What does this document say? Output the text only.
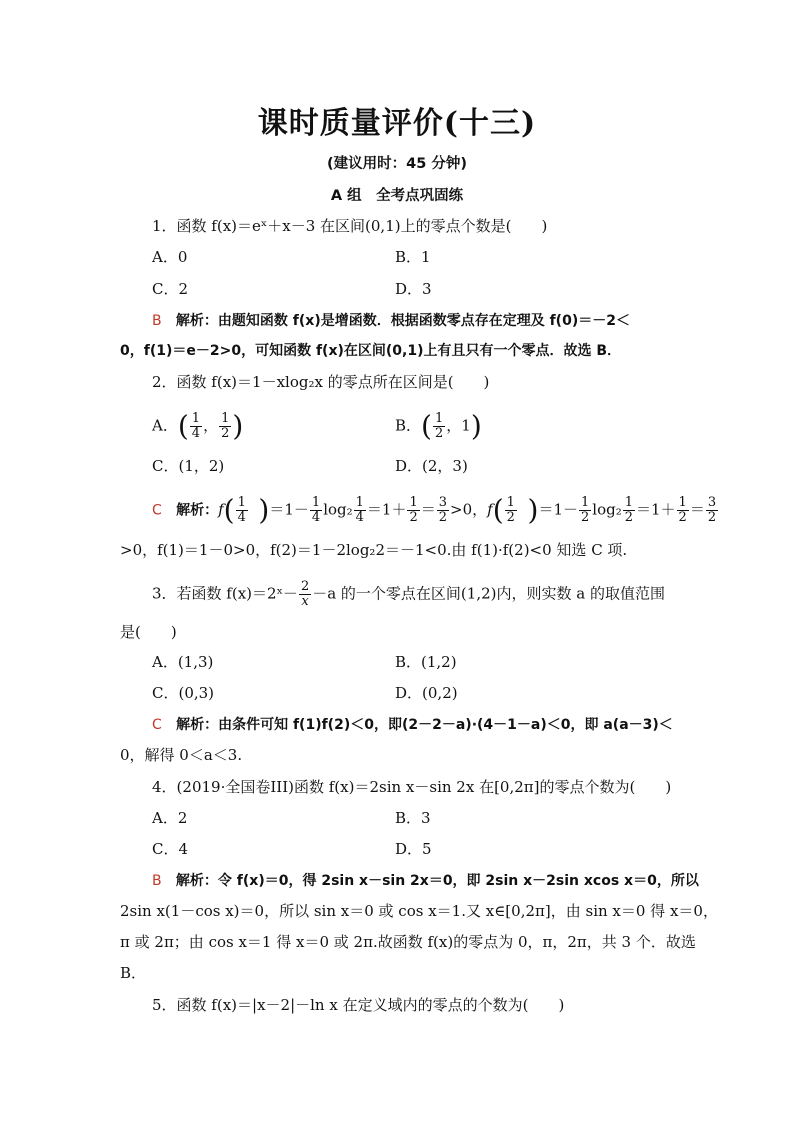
课时质量评价(十三)
(建议用时：45 分钟)
A 组　全考点巩固练
1．函数 f(x)＝eˣ＋x－3 在区间(0,1)上的零点个数是(　　)
A．0	B．1
C．2	D．3
B 解析：由题知函数 f(x)是增函数．根据函数零点存在定理及 f(0)＝－2＜
0，f(1)＝e－2>0，可知函数 f(x)在区间(0,1)上有且只有一个零点．故选 B．
2．函数 f(x)＝1－xlog₂x 的零点所在区间是(　　)
A．( $\frac{1}{4}$ ， $\frac{1}{2}$ )	B．( $\frac{1}{2}$ ，1)
C．(1，2)	D．(2，3)
C 解析：$f( \frac{1}{4} )=1- \frac{1}{4} \log_2 \frac{1}{4} =1+ \frac{1}{2} = \frac{3}{2} >0$，$f( \frac{1}{2} )=1- \frac{1}{2} \log_2 \frac{1}{2} =1+ \frac{1}{2} = \frac{3}{2}$
>0，f(1)＝1－0>0，f(2)＝1－2log₂2＝－1<0.由 f(1)·f(2)<0 知选 C 项.
3．若函数 f(x)＝2ˣ－ $\frac{2}{x} -a$ 的一个零点在区间(1,2)内，则实数 a 的取值范围
是(　　)
A．(1,3)	B．(1,2)
C．(0,3)	D．(0,2)
C 解析：由条件可知 f(1)f(2)＜0，即(2－2－a)·(4－1－a)＜0，即 a(a－3)＜
0，解得 0＜a＜3.
4．(2019·全国卷III)函数 f(x)＝2sin x－sin 2x 在[0,2π]的零点个数为(　　)
A．2	B．3
C．4	D．5
B 解析：令 f(x)＝0，得 2sin x－sin 2x＝0，即 2sin x－2sin xcos x＝0，所以
2sin x(1－cos x)＝0，所以 sin x＝0 或 cos x＝1.又 x∈[0,2π]，由 sin x＝0 得 x＝0，
π 或 2π；由 cos x＝1 得 x＝0 或 2π.故函数 f(x)的零点为 0，π，2π，共 3 个．故选
B．
5．函数 f(x)＝|x－2|－ln x 在定义域内的零点的个数为(　　)
